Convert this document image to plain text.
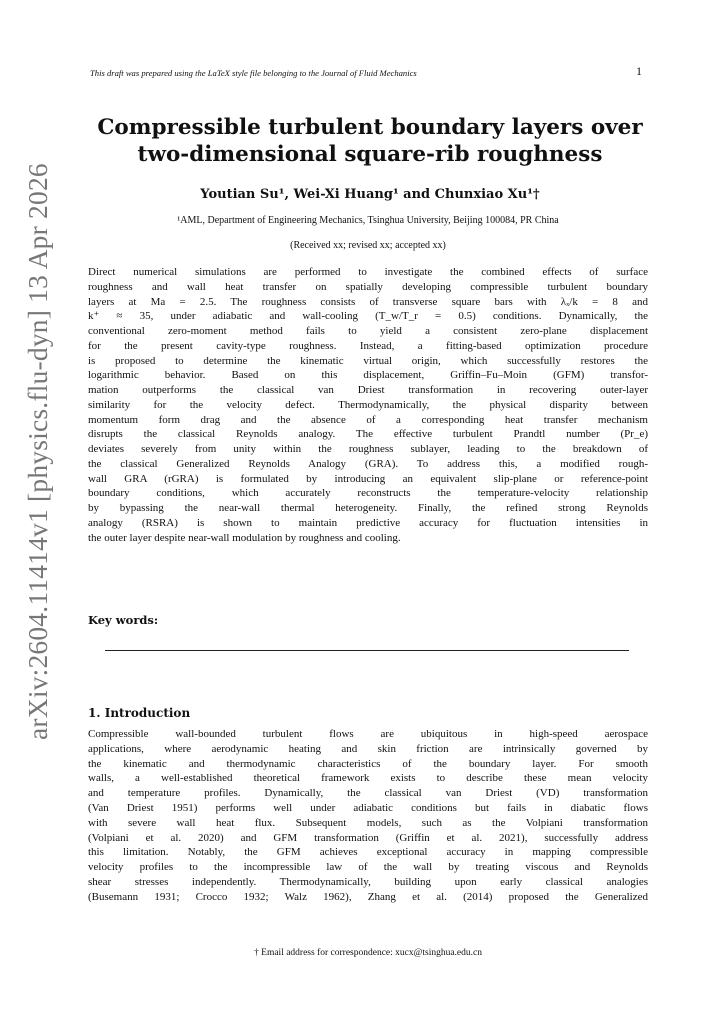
arXiv:2604.11414v1 [physics.flu-dyn] 13 Apr 2026
This draft was prepared using the LaTeX style file belonging to the Journal of Fluid Mechanics	1
Compressible turbulent boundary layers over
two-dimensional square-rib roughness
Youtian Su¹, Wei-Xi Huang¹ and Chunxiao Xu¹†
¹AML, Department of Engineering Mechanics, Tsinghua University, Beijing 100084, PR China
(Received xx; revised xx; accepted xx)
Direct numerical simulations are performed to investigate the combined effects of surface
roughness and wall heat transfer on spatially developing compressible turbulent boundary
layers at Ma = 2.5. The roughness consists of transverse square bars with λₓ/k = 8 and
k⁺ ≈ 35, under adiabatic and wall-cooling (T_w/T_r = 0.5) conditions. Dynamically, the
conventional zero-moment method fails to yield a consistent zero-plane displacement
for the present cavity-type roughness. Instead, a fitting-based optimization procedure
is proposed to determine the kinematic virtual origin, which successfully restores the
logarithmic behavior. Based on this displacement, Griffin–Fu–Moin (GFM) transfor-
mation outperforms the classical van Driest transformation in recovering outer-layer
similarity for the velocity defect. Thermodynamically, the physical disparity between
momentum form drag and the absence of a corresponding heat transfer mechanism
disrupts the classical Reynolds analogy. The effective turbulent Prandtl number (Pr_e)
deviates severely from unity within the roughness sublayer, leading to the breakdown of
the classical Generalized Reynolds Analogy (GRA). To address this, a modified rough-
wall GRA (rGRA) is formulated by introducing an equivalent slip-plane or reference-point
boundary conditions, which accurately reconstructs the temperature-velocity relationship
by bypassing the near-wall thermal heterogeneity. Finally, the refined strong Reynolds
analogy (RSRA) is shown to maintain predictive accuracy for fluctuation intensities in
the outer layer despite near-wall modulation by roughness and cooling.
Key words:
1. Introduction
Compressible wall-bounded turbulent flows are ubiquitous in high-speed aerospace
applications, where aerodynamic heating and skin friction are intrinsically governed by
the kinematic and thermodynamic characteristics of the boundary layer. For smooth
walls, a well-established theoretical framework exists to describe these mean velocity
and temperature profiles. Dynamically, the classical van Driest (VD) transformation
(Van Driest 1951) performs well under adiabatic conditions but fails in diabatic flows
with severe wall heat flux. Subsequent models, such as the Volpiani transformation
(Volpiani et al. 2020) and GFM transformation (Griffin et al. 2021), successfully address
this limitation. Notably, the GFM achieves exceptional accuracy in mapping compressible
velocity profiles to the incompressible law of the wall by treating viscous and Reynolds
shear stresses independently. Thermodynamically, building upon early classical analogies
(Busemann 1931; Crocco 1932; Walz 1962), Zhang et al. (2014) proposed the Generalized
† Email address for correspondence: xucx@tsinghua.edu.cn
